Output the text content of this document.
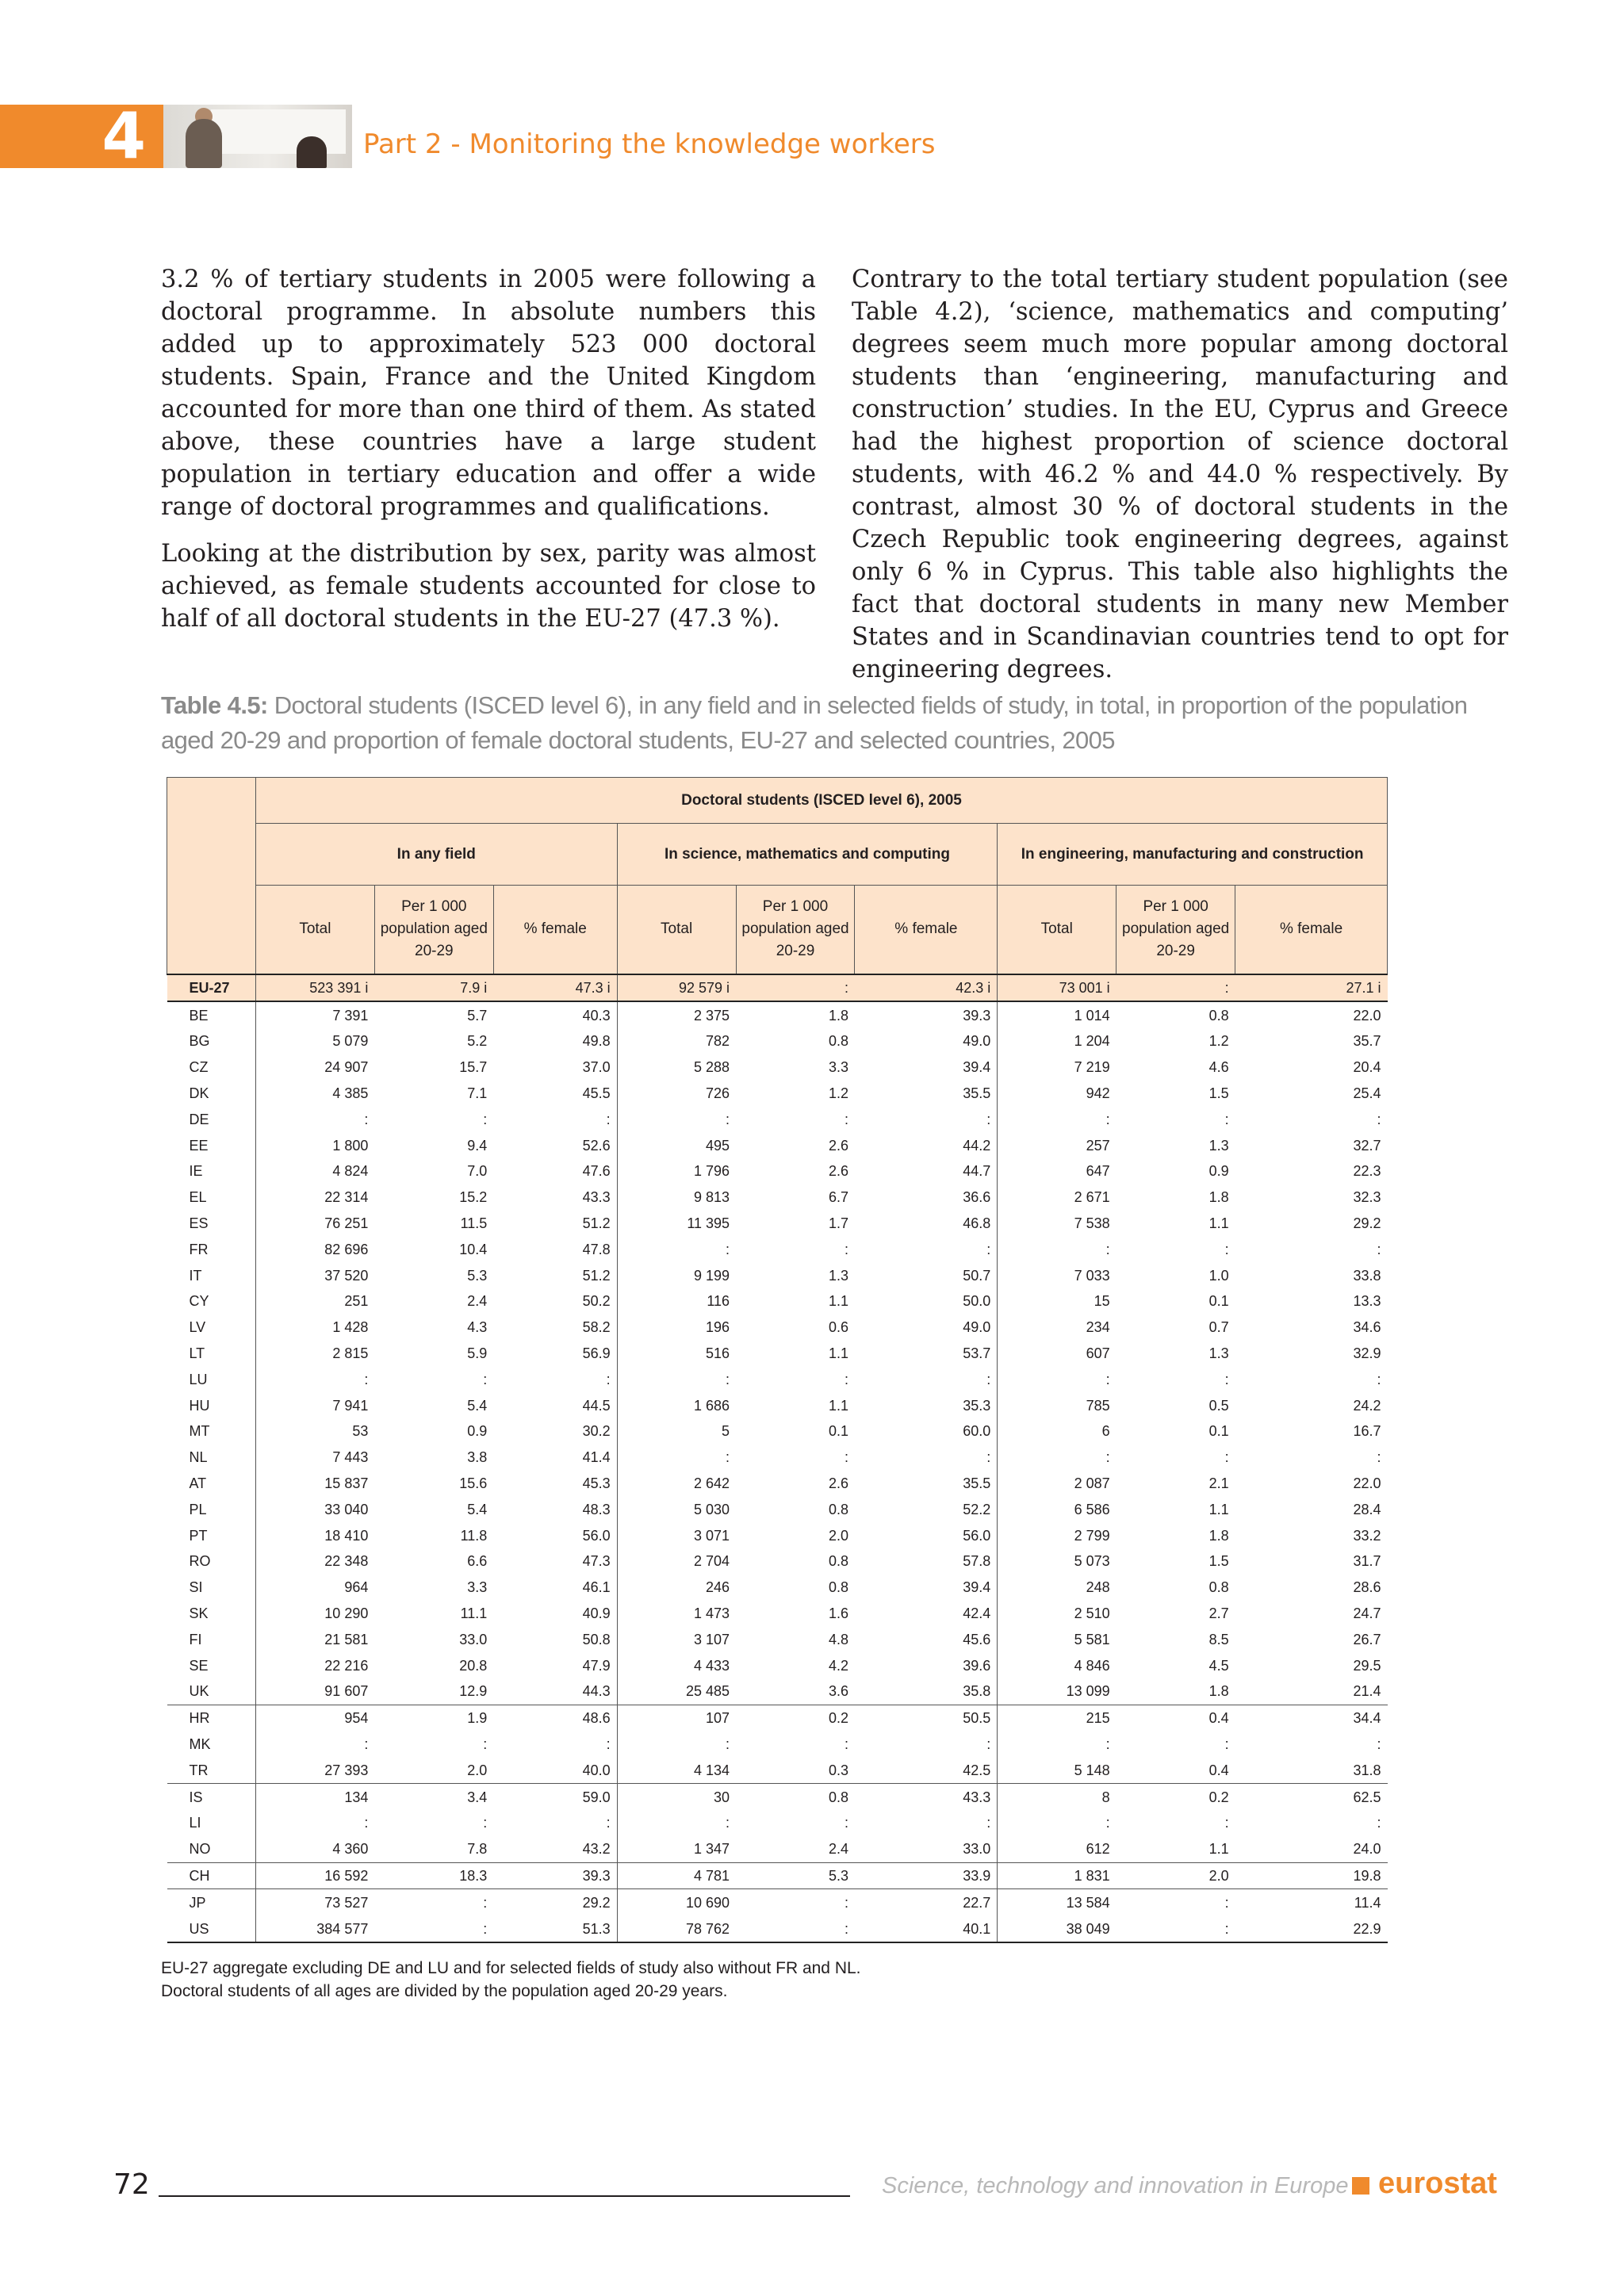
4	Part 2 - Monitoring the knowledge workers

3.2 % of tertiary students in 2005 were following a doctoral programme. In absolute numbers this added up to approximately 523 000 doctoral students. Spain, France and the United Kingdom accounted for more than one third of them. As stated above, these countries have a large student population in tertiary education and offer a wide range of doctoral programmes and qualifications.

Looking at the distribution by sex, parity was almost achieved, as female students accounted for close to half of all doctoral students in the EU-27 (47.3 %).

Contrary to the total tertiary student population (see Table 4.2), ‘science, mathematics and computing’ degrees seem much more popular among doctoral students than ‘engineering, manufacturing and construction’ studies. In the EU, Cyprus and Greece had the highest proportion of science doctoral students, with 46.2 % and 44.0 % respectively. By contrast, almost 30 % of doctoral students in the Czech Republic took engineering degrees, against only 6 % in Cyprus. This table also highlights the fact that doctoral students in many new Member States and in Scandinavian countries tend to opt for engineering degrees.

Table 4.5: Doctoral students (ISCED level 6), in any field and in selected fields of study, in total, in proportion of the population aged 20-29 and proportion of female doctoral students, EU-27 and selected countries, 2005
	Doctoral students (ISCED level 6), 2005								
	In any field			In science, mathematics and computing			In engineering, manufacturing and construction		
	Total	Per 1 000 population aged 20-29	% female	Total	Per 1 000 population aged 20-29	% female	Total	Per 1 000 population aged 20-29	% female
EU-27	523 391 i	7.9 i	47.3 i	92 579 i	:	42.3 i	73 001 i	:	27.1 i
BE	7 391	5.7	40.3	2 375	1.8	39.3	1 014	0.8	22.0
BG	5 079	5.2	49.8	782	0.8	49.0	1 204	1.2	35.7
CZ	24 907	15.7	37.0	5 288	3.3	39.4	7 219	4.6	20.4
DK	4 385	7.1	45.5	726	1.2	35.5	942	1.5	25.4
DE	:	:	:	:	:	:	:	:	:
EE	1 800	9.4	52.6	495	2.6	44.2	257	1.3	32.7
IE	4 824	7.0	47.6	1 796	2.6	44.7	647	0.9	22.3
EL	22 314	15.2	43.3	9 813	6.7	36.6	2 671	1.8	32.3
ES	76 251	11.5	51.2	11 395	1.7	46.8	7 538	1.1	29.2
FR	82 696	10.4	47.8	:	:	:	:	:	:
IT	37 520	5.3	51.2	9 199	1.3	50.7	7 033	1.0	33.8
CY	251	2.4	50.2	116	1.1	50.0	15	0.1	13.3
LV	1 428	4.3	58.2	196	0.6	49.0	234	0.7	34.6
LT	2 815	5.9	56.9	516	1.1	53.7	607	1.3	32.9
LU	:	:	:	:	:	:	:	:	:
HU	7 941	5.4	44.5	1 686	1.1	35.3	785	0.5	24.2
MT	53	0.9	30.2	5	0.1	60.0	6	0.1	16.7
NL	7 443	3.8	41.4	:	:	:	:	:	:
AT	15 837	15.6	45.3	2 642	2.6	35.5	2 087	2.1	22.0
PL	33 040	5.4	48.3	5 030	0.8	52.2	6 586	1.1	28.4
PT	18 410	11.8	56.0	3 071	2.0	56.0	2 799	1.8	33.2
RO	22 348	6.6	47.3	2 704	0.8	57.8	5 073	1.5	31.7
SI	964	3.3	46.1	246	0.8	39.4	248	0.8	28.6
SK	10 290	11.1	40.9	1 473	1.6	42.4	2 510	2.7	24.7
FI	21 581	33.0	50.8	3 107	4.8	45.6	5 581	8.5	26.7
SE	22 216	20.8	47.9	4 433	4.2	39.6	4 846	4.5	29.5
UK	91 607	12.9	44.3	25 485	3.6	35.8	13 099	1.8	21.4
HR	954	1.9	48.6	107	0.2	50.5	215	0.4	34.4
MK	:	:	:	:	:	:	:	:	:
TR	27 393	2.0	40.0	4 134	0.3	42.5	5 148	0.4	31.8
IS	134	3.4	59.0	30	0.8	43.3	8	0.2	62.5
LI	:	:	:	:	:	:	:	:	:
NO	4 360	7.8	43.2	1 347	2.4	33.0	612	1.1	24.0
CH	16 592	18.3	39.3	4 781	5.3	33.9	1 831	2.0	19.8
JP	73 527	:	29.2	10 690	:	22.7	13 584	:	11.4
US	384 577	:	51.3	78 762	:	40.1	38 049	:	22.9
EU-27 aggregate excluding DE and LU and for selected fields of study also without FR and NL.
Doctoral students of all ages are divided by the population aged 20-29 years.
72	Science, technology and innovation in Europe eurostat
